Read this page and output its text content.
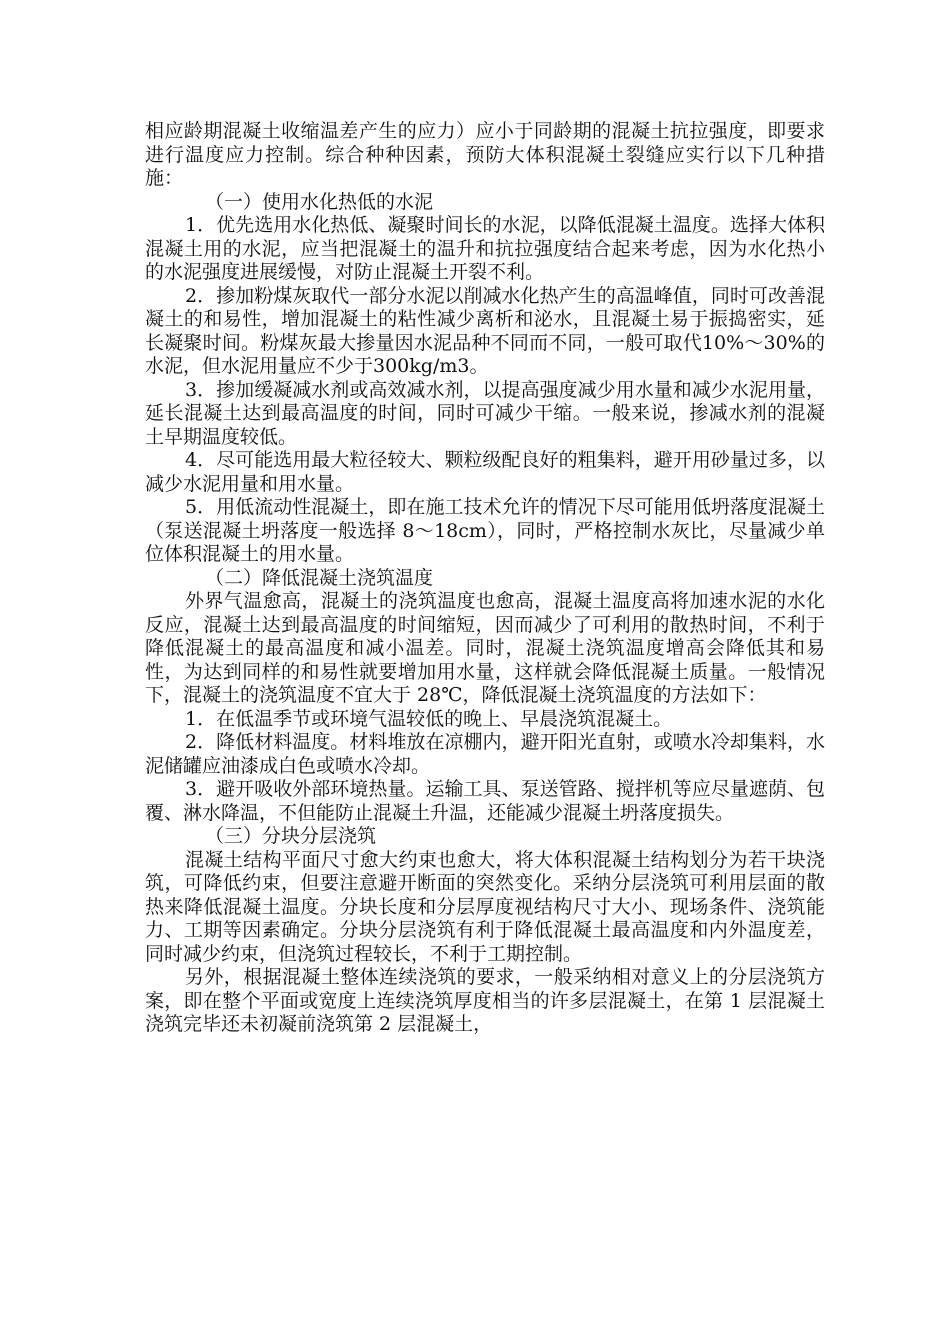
相应龄期混凝土收缩温差产生的应力）应小于同龄期的混凝土抗拉强度，即要求进行温度应力控制。综合种种因素，预防大体积混凝土裂缝应实行以下几种措施：

（一）使用水化热低的水泥

1．优先选用水化热低、凝聚时间长的水泥，以降低混凝土温度。选择大体积混凝土用的水泥，应当把混凝土的温升和抗拉强度结合起来考虑，因为水化热小的水泥强度进展缓慢，对防止混凝土开裂不利。

2．掺加粉煤灰取代一部分水泥以削减水化热产生的高温峰值，同时可改善混凝土的和易性，增加混凝土的粘性减少离析和泌水，且混凝土易于振捣密实，延长凝聚时间。粉煤灰最大掺量因水泥品种不同而不同，一般可取代10%～30%的水泥，但水泥用量应不少于300kg/m3。

3．掺加缓凝减水剂或高效减水剂，以提高强度减少用水量和减少水泥用量，延长混凝土达到最高温度的时间，同时可减少干缩。一般来说，掺减水剂的混凝土早期温度较低。

4．尽可能选用最大粒径较大、颗粒级配良好的粗集料，避开用砂量过多，以减少水泥用量和用水量。

5．用低流动性混凝土，即在施工技术允许的情况下尽可能用低坍落度混凝土（泵送混凝土坍落度一般选择 8～18cm），同时，严格控制水灰比，尽量减少单位体积混凝土的用水量。

（二）降低混凝土浇筑温度

外界气温愈高，混凝土的浇筑温度也愈高，混凝土温度高将加速水泥的水化反应，混凝土达到最高温度的时间缩短，因而减少了可利用的散热时间，不利于降低混凝土的最高温度和减小温差。同时，混凝土浇筑温度增高会降低其和易性，为达到同样的和易性就要增加用水量，这样就会降低混凝土质量。一般情况下，混凝土的浇筑温度不宜大于 28℃，降低混凝土浇筑温度的方法如下：

1．在低温季节或环境气温较低的晚上、早晨浇筑混凝土。

2．降低材料温度。材料堆放在凉棚内，避开阳光直射，或喷水冷却集料，水泥储罐应油漆成白色或喷水冷却。

3．避开吸收外部环境热量。运输工具、泵送管路、搅拌机等应尽量遮荫、包覆、淋水降温，不但能防止混凝土升温，还能减少混凝土坍落度损失。

（三）分块分层浇筑

混凝土结构平面尺寸愈大约束也愈大，将大体积混凝土结构划分为若干块浇筑，可降低约束，但要注意避开断面的突然变化。采纳分层浇筑可利用层面的散热来降低混凝土温度。分块长度和分层厚度视结构尺寸大小、现场条件、浇筑能力、工期等因素确定。分块分层浇筑有利于降低混凝土最高温度和内外温度差，同时减少约束，但浇筑过程较长，不利于工期控制。

另外，根据混凝土整体连续浇筑的要求，一般采纳相对意义上的分层浇筑方案，即在整个平面或宽度上连续浇筑厚度相当的许多层混凝土，在第 1 层混凝土浇筑完毕还未初凝前浇筑第 2 层混凝土，
